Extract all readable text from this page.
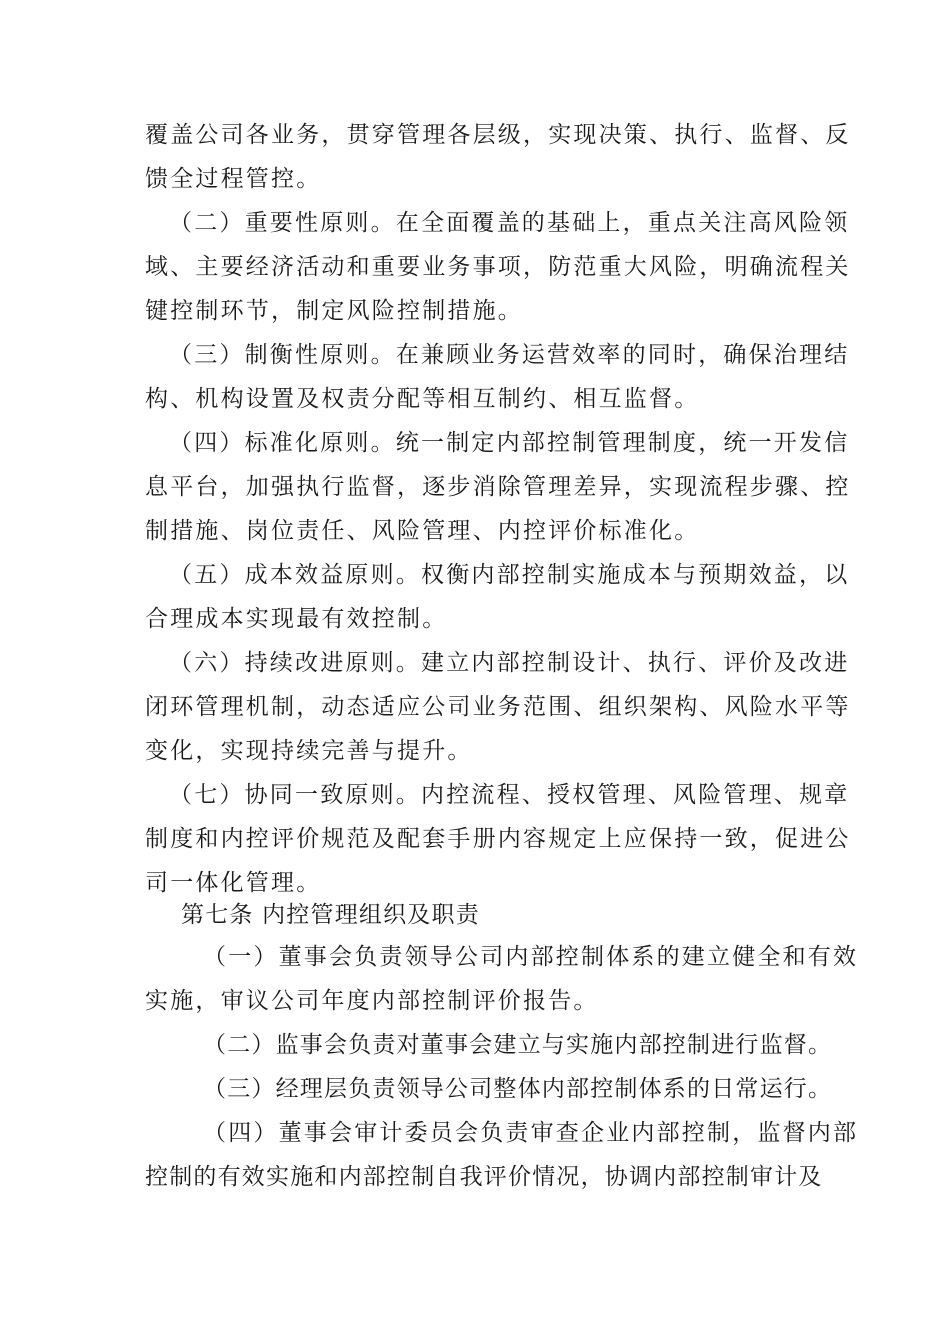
覆盖公司各业务，贯穿管理各层级，实现决策、执行、监督、反
馈全过程管控。
（二）重要性原则。在全面覆盖的基础上，重点关注高风险领
域、主要经济活动和重要业务事项，防范重大风险，明确流程关
键控制环节，制定风险控制措施。
（三）制衡性原则。在兼顾业务运营效率的同时，确保治理结
构、机构设置及权责分配等相互制约、相互监督。
（四）标准化原则。统一制定内部控制管理制度，统一开发信
息平台，加强执行监督，逐步消除管理差异，实现流程步骤、控
制措施、岗位责任、风险管理、内控评价标准化。
（五）成本效益原则。权衡内部控制实施成本与预期效益，以
合理成本实现最有效控制。
（六）持续改进原则。建立内部控制设计、执行、评价及改进
闭环管理机制，动态适应公司业务范围、组织架构、风险水平等
变化，实现持续完善与提升。
（七）协同一致原则。内控流程、授权管理、风险管理、规章
制度和内控评价规范及配套手册内容规定上应保持一致，促进公
司一体化管理。
第七条 内控管理组织及职责
（一）董事会负责领导公司内部控制体系的建立健全和有效
实施，审议公司年度内部控制评价报告。
（二）监事会负责对董事会建立与实施内部控制进行监督。
（三）经理层负责领导公司整体内部控制体系的日常运行。
（四）董事会审计委员会负责审查企业内部控制，监督内部
控制的有效实施和内部控制自我评价情况，协调内部控制审计及
